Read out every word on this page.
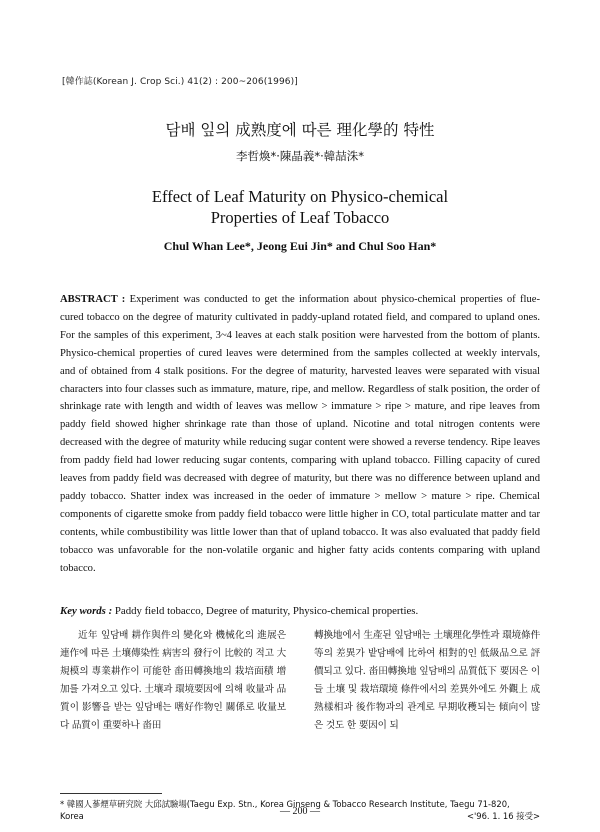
[韓作誌(Korean J. Crop Sci.) 41(2) : 200~206(1996)]
담배 잎의 成熟度에 따른 理化學的 特性
李哲煥*·陳晶義*·韓喆洙*
Effect of Leaf Maturity on Physico-chemical
Properties of Leaf Tobacco
Chul Whan Lee*, Jeong Eui Jin* and Chul Soo Han*
ABSTRACT : Experiment was conducted to get the information about physico-chemical properties of flue-cured tobacco on the degree of maturity cultivated in paddy-upland rotated field, and compared to upland ones. For the samples of this experiment, 3~4 leaves at each stalk position were harvested from the bottom of plants. Physico-chemical properties of cured leaves were determined from the samples collected at weekly intervals, and of obtained from 4 stalk positions. For the degree of maturity, harvested leaves were separated with visual characters into four classes such as immature, mature, ripe, and mellow. Regardless of stalk position, the order of shrinkage rate with length and width of leaves was mellow > immature > ripe > mature, and ripe leaves from paddy field showed higher shrinkage rate than those of upland. Nicotine and total nitrogen contents were decreased with the degree of maturity while reducing sugar content were showed a reverse tendency. Ripe leaves from paddy field had lower reducing sugar contents, comparing with upland tobacco. Filling capacity of cured leaves from paddy field was decreased with degree of maturity, but there was no difference between upland and paddy tobacco. Shatter index was increased in the oeder of immature > mellow > mature > ripe. Chemical components of cigarette smoke from paddy field tobacco were little higher in CO, total particulate matter and tar contents, while combustibility was little lower than that of upland tobacco. It was also evaluated that paddy field tobacco was unfavorable for the non-volatile organic and higher fatty acids contents comparing with upland tobacco.
Key words : Paddy field tobacco, Degree of maturity, Physico-chemical properties.
近年 잎담배 耕作與件의 變化와 機械化의 進展은 連作에 따른 土壤傳染性 病害의 發行이 比較的 적고 大規模의 專業耕作이 可能한 畓田轉換地의 栽培面積 增加를 가져오고 있다. 土壤과 環境要因에 의해 收量과 品質이 影響을 받는 잎담배는 嗜好作物인 關係로 收量보다 品質이 重要하나 畓田
轉換地에서 生產된 잎담배는 土壤理化學性과 環境條件等의 差異가 밭담배에 比하여 相對的인 低級品으로 評價되고 있다. 畓田轉換地 잎담배의 品質低下 要因은 이들 土壤 및 栽培環境 條件에서의 差異外에도 外觀上 成熟樣相과 後作物과의 관계로 早期收穫되는 傾向이 많은 것도 한 要因이 되
* 韓國人蔘煙草硏究院 大邱試驗場(Taegu Exp. Stn., Korea Ginseng & Tobacco Research Institute, Taegu 71-820,
Korea	<'96. 1. 16 接受>
— 200 —
